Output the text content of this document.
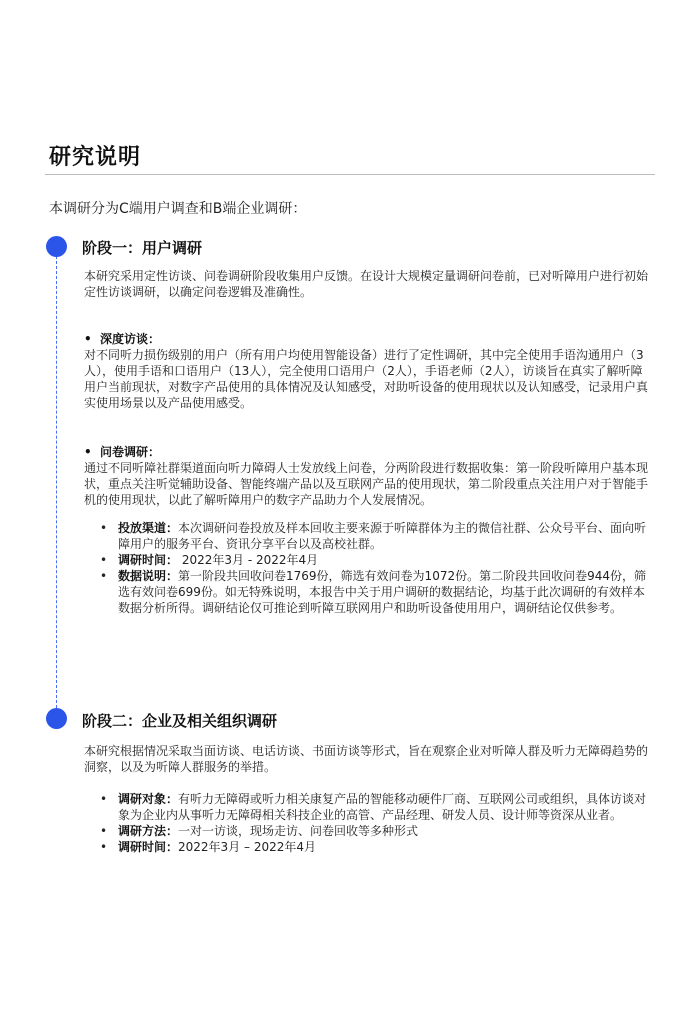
研究说明
本调研分为C端用户调查和B端企业调研：
阶段一：用户调研
本研究采用定性访谈、问卷调研阶段收集用户反馈。在设计大规模定量调研问卷前，已对听障用户进行初始定性访谈调研，以确定问卷逻辑及准确性。
• 深度访谈：
对不同听力损伤级别的用户（所有用户均使用智能设备）进行了定性调研，其中完全使用手语沟通用户（3人），使用手语和口语用户（13人），完全使用口语用户（2人），手语老师（2人），访谈旨在真实了解听障用户当前现状，对数字产品使用的具体情况及认知感受，对助听设备的使用现状以及认知感受，记录用户真实使用场景以及产品使用感受。
• 问卷调研：
通过不同听障社群渠道面向听力障碍人士发放线上问卷，分两阶段进行数据收集：第一阶段听障用户基本现状，重点关注听觉辅助设备、智能终端产品以及互联网产品的使用现状，第二阶段重点关注用户对于智能手机的使用现状，以此了解听障用户的数字产品助力个人发展情况。
• 投放渠道：本次调研问卷投放及样本回收主要来源于听障群体为主的微信社群、公众号平台、面向听障用户的服务平台、资讯分享平台以及高校社群。
• 调研时间： 2022年3月 - 2022年4月
• 数据说明：第一阶段共回收问卷1769份，筛选有效问卷为1072份。第二阶段共回收问卷944份，筛选有效问卷699份。如无特殊说明，本报告中关于用户调研的数据结论，均基于此次调研的有效样本数据分析所得。调研结论仅可推论到听障互联网用户和助听设备使用用户，调研结论仅供参考。
阶段二：企业及相关组织调研
本研究根据情况采取当面访谈、电话访谈、书面访谈等形式，旨在观察企业对听障人群及听力无障碍趋势的洞察，以及为听障人群服务的举措。
• 调研对象：有听力无障碍或听力相关康复产品的智能移动硬件厂商、互联网公司或组织，具体访谈对象为企业内从事听力无障碍相关科技企业的高管、产品经理、研发人员、设计师等资深从业者。
• 调研方法：一对一访谈，现场走访、问卷回收等多种形式
• 调研时间：2022年3月 – 2022年4月
